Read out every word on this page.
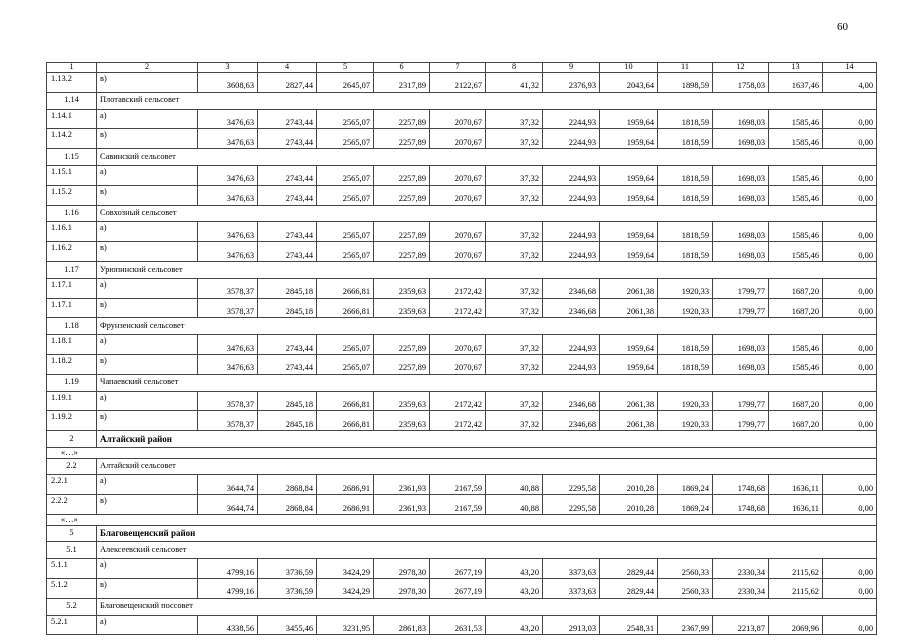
60
1	2	3	4	5	6	7	8	9	10	11	12	13	14
1.13.2	в)	3608,63	2827,44	2645,07	2317,89	2122,67	41,32	2376,93	2043,64	1898,59	1758,03	1637,46	4,00
1.14	Плотавский сельсовет												
1.14.1	а)	3476,63	2743,44	2565,07	2257,89	2070,67	37,32	2244,93	1959,64	1818,59	1698,03	1585,46	0,00
1.14.2	в)	3476,63	2743,44	2565,07	2257,89	2070,67	37,32	2244,93	1959,64	1818,59	1698,03	1585,46	0,00
1.15	Савинский сельсовет												
1.15.1	а)	3476,63	2743,44	2565,07	2257,89	2070,67	37,32	2244,93	1959,64	1818,59	1698,03	1585,46	0,00
1.15.2	в)	3476,63	2743,44	2565,07	2257,89	2070,67	37,32	2244,93	1959,64	1818,59	1698,03	1585,46	0,00
1.16	Совхозный сельсовет												
1.16.1	а)	3476,63	2743,44	2565,07	2257,89	2070,67	37,32	2244,93	1959,64	1818,59	1698,03	1585,46	0,00
1.16.2	в)	3476,63	2743,44	2565,07	2257,89	2070,67	37,32	2244,93	1959,64	1818,59	1698,03	1585,46	0,00
1.17	Урюпинский сельсовет												
1.17.1	а)	3578,37	2845,18	2666,81	2359,63	2172,42	37,32	2346,68	2061,38	1920,33	1799,77	1687,20	0,00
1.17.1	в)	3578,37	2845,18	2666,81	2359,63	2172,42	37,32	2346,68	2061,38	1920,33	1799,77	1687,20	0,00
1.18	Фрунзенский сельсовет												
1.18.1	а)	3476,63	2743,44	2565,07	2257,89	2070,67	37,32	2244,93	1959,64	1818,59	1698,03	1585,46	0,00
1.18.2	в)	3476,63	2743,44	2565,07	2257,89	2070,67	37,32	2244,93	1959,64	1818,59	1698,03	1585,46	0,00
1.19	Чапаевский сельсовет												
1.19.1	а)	3578,37	2845,18	2666,81	2359,63	2172,42	37,32	2346,68	2061,38	1920,33	1799,77	1687,20	0,00
1.19.2	в)	3578,37	2845,18	2666,81	2359,63	2172,42	37,32	2346,68	2061,38	1920,33	1799,77	1687,20	0,00
2	Алтайский район												
«…»													
2.2	Алтайский сельсовет												
2.2.1	а)	3644,74	2868,84	2686,91	2361,93	2167,59	40,88	2295,58	2010,28	1869,24	1748,68	1636,11	0,00
2.2.2	в)	3644,74	2868,84	2686,91	2361,93	2167,59	40,88	2295,58	2010,28	1869,24	1748,68	1636,11	0,00
«…»													
5	Благовещенский район												
5.1	Алексеевский сельсовет												
5.1.1	а)	4799,16	3736,59	3424,29	2978,30	2677,19	43,20	3373,63	2829,44	2560,33	2330,34	2115,62	0,00
5.1.2	в)	4799,16	3736,59	3424,29	2978,30	2677,19	43,20	3373,63	2829,44	2560,33	2330,34	2115,62	0,00
5.2	Благовещенский поссовет												
5.2.1	а)	4338,56	3455,46	3231,95	2861,83	2631,53	43,20	2913,03	2548,31	2367,99	2213,87	2069,96	0,00
